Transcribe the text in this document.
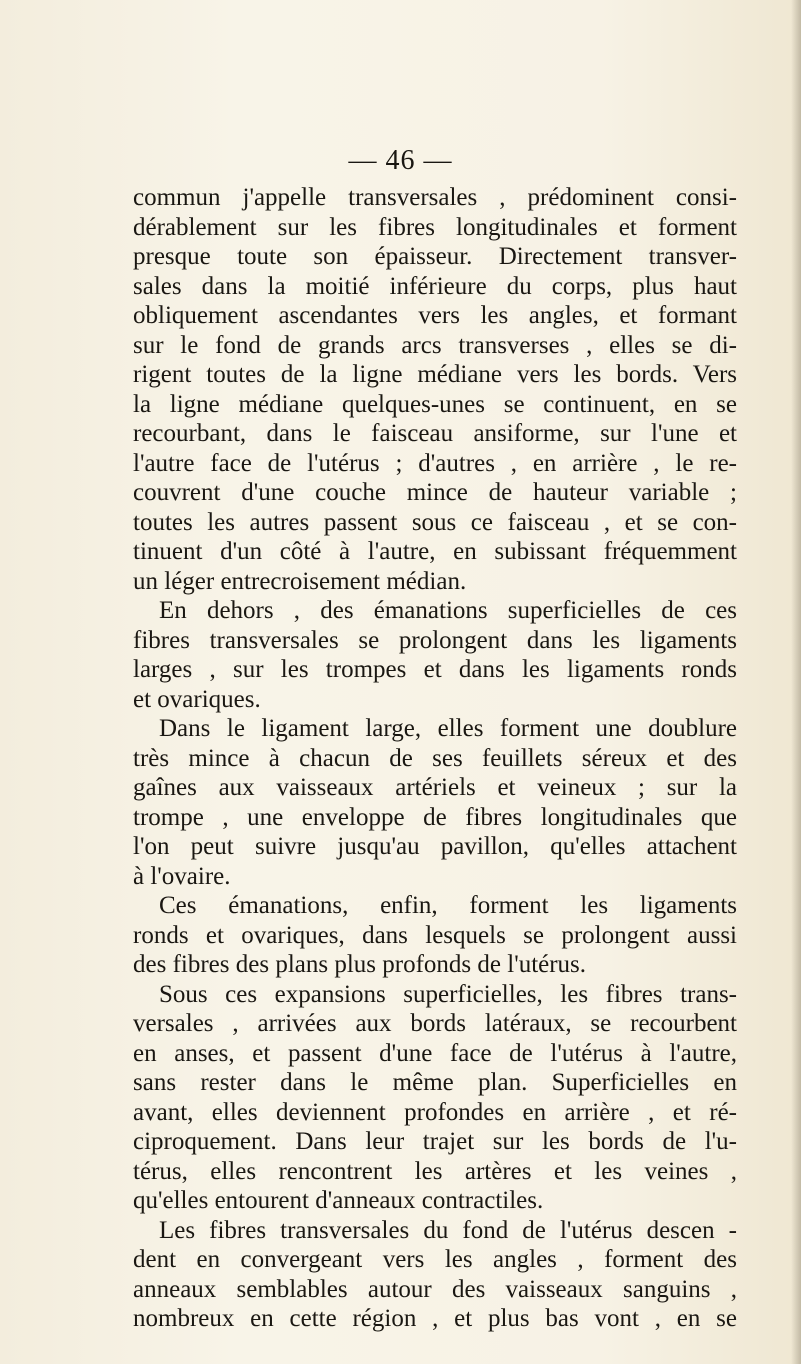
— 46 —
commun j'appelle transversales , prédominent consi-
dérablement sur les fibres longitudinales et forment
presque toute son épaisseur. Directement transver-
sales dans la moitié inférieure du corps, plus haut
obliquement ascendantes vers les angles, et formant
sur le fond de grands arcs transverses , elles se di-
rigent toutes de la ligne médiane vers les bords. Vers
la ligne médiane quelques-unes se continuent, en se
recourbant, dans le faisceau ansiforme, sur l'une et
l'autre face de l'utérus ; d'autres , en arrière , le re-
couvrent d'une couche mince de hauteur variable ;
toutes les autres passent sous ce faisceau , et se con-
tinuent d'un côté à l'autre, en subissant fréquemment
un léger entrecroisement médian.
En dehors , des émanations superficielles de ces
fibres transversales se prolongent dans les ligaments
larges , sur les trompes et dans les ligaments ronds
et ovariques.
Dans le ligament large, elles forment une doublure
très mince à chacun de ses feuillets séreux et des
gaînes aux vaisseaux artériels et veineux ; sur la
trompe , une enveloppe de fibres longitudinales que
l'on peut suivre jusqu'au pavillon, qu'elles attachent
à l'ovaire.
Ces émanations, enfin, forment les ligaments
ronds et ovariques, dans lesquels se prolongent aussi
des fibres des plans plus profonds de l'utérus.
Sous ces expansions superficielles, les fibres trans-
versales , arrivées aux bords latéraux, se recourbent
en anses, et passent d'une face de l'utérus à l'autre,
sans rester dans le même plan. Superficielles en
avant, elles deviennent profondes en arrière , et ré-
ciproquement. Dans leur trajet sur les bords de l'u-
térus, elles rencontrent les artères et les veines ,
qu'elles entourent d'anneaux contractiles.
Les fibres transversales du fond de l'utérus descen -
dent en convergeant vers les angles , forment des
anneaux semblables autour des vaisseaux sanguins ,
nombreux en cette région , et plus bas vont , en se
